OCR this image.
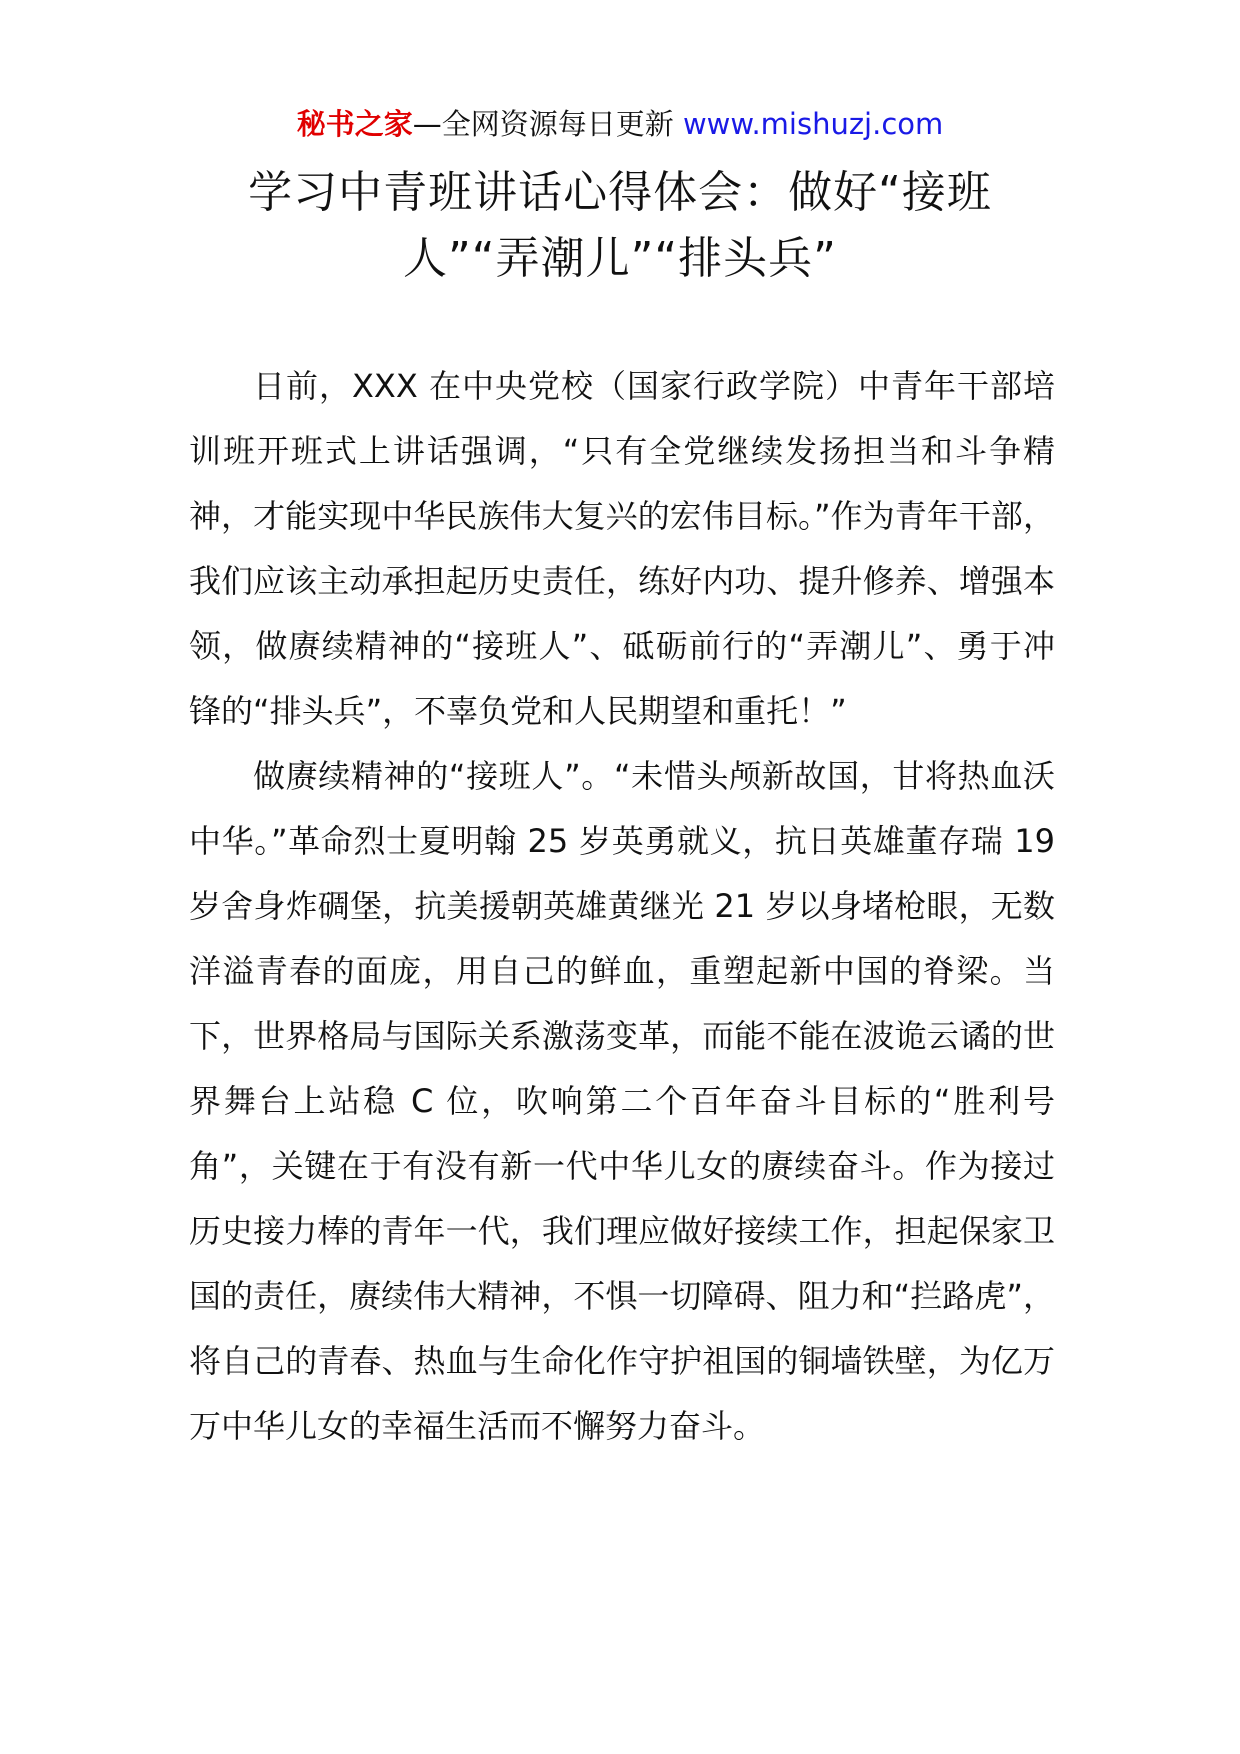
秘书之家—全网资源每日更新 www.mishuzj.com
学习中青班讲话心得体会：做好“接班
人”“弄潮儿”“排头兵”

日前，XXX 在中央党校（国家行政学院）中青年干部培训班开班式上讲话强调，“只有全党继续发扬担当和斗争精神，才能实现中华民族伟大复兴的宏伟目标。”作为青年干部，我们应该主动承担起历史责任，练好内功、提升修养、增强本领，做赓续精神的“接班人”、砥砺前行的“弄潮儿”、勇于冲锋的“排头兵”，不辜负党和人民期望和重托！”

做赓续精神的“接班人”。“未惜头颅新故国，甘将热血沃中华。”革命烈士夏明翰 25 岁英勇就义，抗日英雄董存瑞 19 岁舍身炸碉堡，抗美援朝英雄黄继光 21 岁以身堵枪眼，无数洋溢青春的面庞，用自己的鲜血，重塑起新中国的脊梁。当下，世界格局与国际关系激荡变革，而能不能在波诡云谲的世界舞台上站稳 C 位，吹响第二个百年奋斗目标的“胜利号角”，关键在于有没有新一代中华儿女的赓续奋斗。作为接过历史接力棒的青年一代，我们理应做好接续工作，担起保家卫国的责任，赓续伟大精神，不惧一切障碍、阻力和“拦路虎”，将自己的青春、热血与生命化作守护祖国的铜墙铁壁，为亿万万中华儿女的幸福生活而不懈努力奋斗。
